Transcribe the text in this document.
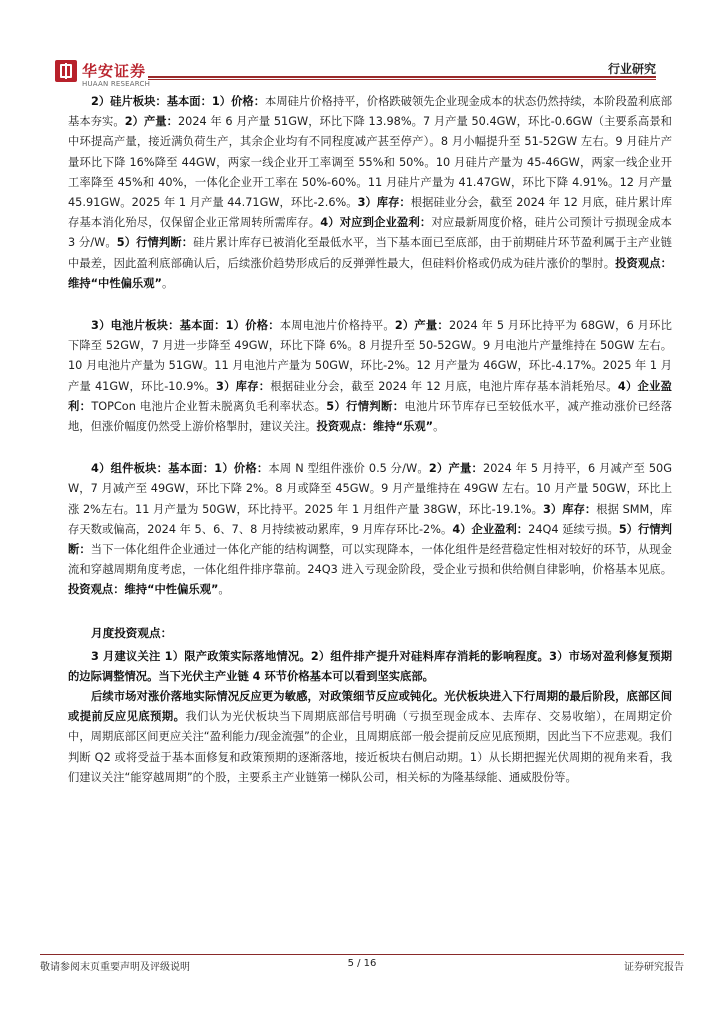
华安证券
HUAAN RESEARCH
行业研究

2）硅片板块：基本面：1）价格：本周硅片价格持平，价格跌破领先企业现金成本的状态仍然持续，本阶段盈利底部基本夯实。2）产量：2024 年 6 月产量 51GW，环比下降 13.98%。7 月产量 50.4GW，环比-0.6GW（主要系高景和中环提高产量，接近满负荷生产，其余企业均有不同程度减产甚至停产）。8 月小幅提升至 51-52GW 左右。9 月硅片产量环比下降 16%降至 44GW，两家一线企业开工率调至 55%和 50%。10 月硅片产量为 45-46GW，两家一线企业开工率降至 45%和 40%，一体化企业开工率在 50%-60%。11 月硅片产量为 41.47GW，环比下降 4.91%。12 月产量 45.91GW。2025 年 1 月产量 44.71GW，环比-2.6%。3）库存：根据硅业分会，截至 2024 年 12 月底，硅片累计库存基本消化殆尽，仅保留企业正常周转所需库存。4）对应到企业盈利：对应最新周度价格，硅片公司预计亏损现金成本 3 分/W。5）行情判断：硅片累计库存已被消化至最低水平，当下基本面已至底部，由于前期硅片环节盈利属于主产业链中最差，因此盈利底部确认后，后续涨价趋势形成后的反弹弹性最大，但硅料价格或仍成为硅片涨价的掣肘。投资观点：维持“中性偏乐观”。

3）电池片板块：基本面：1）价格：本周电池片价格持平。2）产量：2024 年 5 月环比持平为 68GW，6 月环比下降至 52GW，7 月进一步降至 49GW，环比下降 6%。8 月提升至 50-52GW。9 月电池片产量维持在 50GW 左右。10 月电池片产量为 51GW。11 月电池片产量为 50GW，环比-2%。12 月产量为 46GW，环比-4.17%。2025 年 1 月产量 41GW，环比-10.9%。3）库存：根据硅业分会，截至 2024 年 12 月底，电池片库存基本消耗殆尽。4）企业盈利：TOPCon 电池片企业暂未脱离负毛利率状态。5）行情判断：电池片环节库存已至较低水平，减产推动涨价已经落地，但涨价幅度仍然受上游价格掣肘，建议关注。投资观点：维持“乐观”。

4）组件板块：基本面：1）价格：本周 N 型组件涨价 0.5 分/W。2）产量：2024 年 5 月持平，6 月减产至 50GW，7 月减产至 49GW，环比下降 2%。8 月或降至 45GW。9 月产量维持在 49GW 左右。10 月产量 50GW，环比上涨 2%左右。11 月产量为 50GW，环比持平。2025 年 1 月组件产量 38GW，环比-19.1%。3）库存：根据 SMM，库存天数或偏高，2024 年 5、6、7、8 月持续被动累库，9 月库存环比-2%。4）企业盈利：24Q4 延续亏损。5）行情判断：当下一体化组件企业通过一体化产能的结构调整，可以实现降本，一体化组件是经营稳定性相对较好的环节，从现金流和穿越周期角度考虑，一体化组件排序靠前。24Q3 进入亏现金阶段，受企业亏损和供给侧自律影响，价格基本见底。投资观点：维持“中性偏乐观”。

月度投资观点：

3 月建议关注 1）限产政策实际落地情况。2）组件排产提升对硅料库存消耗的影响程度。3）市场对盈利修复预期的边际调整情况。当下光伏主产业链 4 环节价格基本可以看到坚实底部。

后续市场对涨价落地实际情况反应更为敏感，对政策细节反应或钝化。光伏板块进入下行周期的最后阶段，底部区间或提前反应见底预期。我们认为光伏板块当下周期底部信号明确（亏损至现金成本、去库存、交易收缩），在周期定价中，周期底部区间更应关注“盈利能力/现金流强”的企业，且周期底部一般会提前反应见底预期，因此当下不应悲观。我们判断 Q2 或将受益于基本面修复和政策预期的逐渐落地，接近板块右侧启动期。1）从长期把握光伏周期的视角来看，我们建议关注“能穿越周期”的个股，主要系主产业链第一梯队公司，相关标的为隆基绿能、通威股份等。

敬请参阅末页重要声明及评级说明	5 / 16	证券研究报告
